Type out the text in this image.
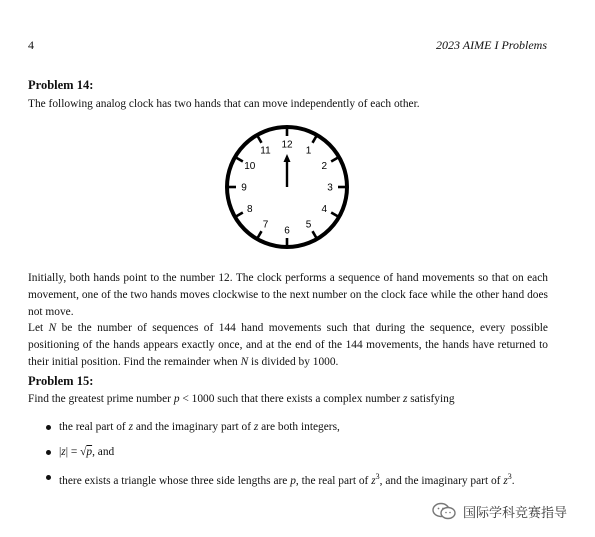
4	2023 AIME I Problems
Problem 14:
The following analog clock has two hands that can move independently of each other.
12
1
2
3
4
5
6
7
8
9
10
11
Initially, both hands point to the number 12. The clock performs a sequence of hand movements so that on each movement, one of the two hands moves clockwise to the next number on the clock face while the other hand does not move.
Let N be the number of sequences of 144 hand movements such that during the sequence, every possible positioning of the hands appears exactly once, and at the end of the 144 movements, the hands have returned to their initial position. Find the remainder when N is divided by 1000.
Problem 15:
Find the greatest prime number p < 1000 such that there exists a complex number z satisfying
the real part of z and the imaginary part of z are both integers,
|z| = √p, and
there exists a triangle whose three side lengths are p, the real part of $z^3$, and the imaginary part of $z^3$.
国际学科竞赛指导
